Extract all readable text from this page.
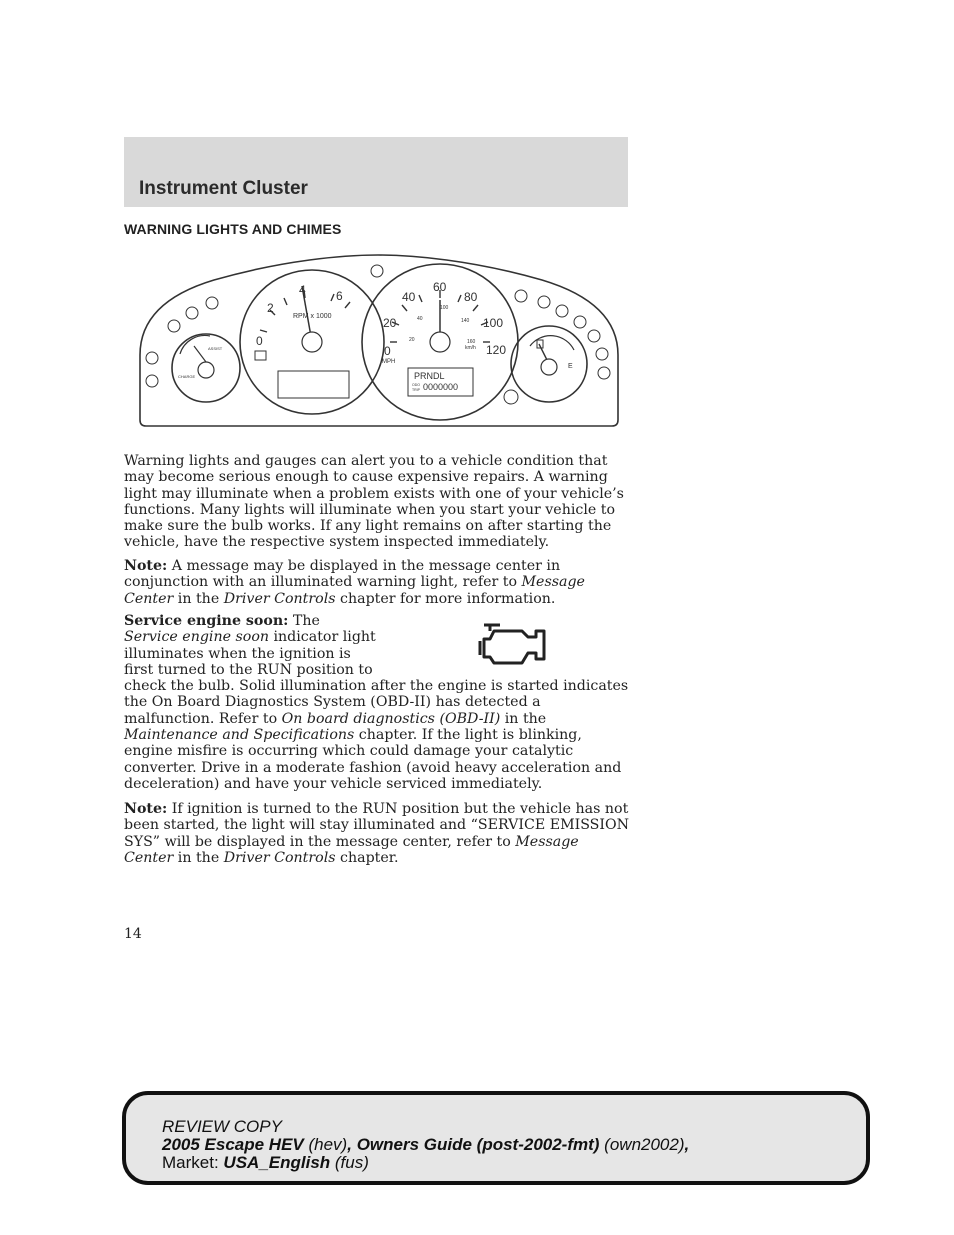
Instrument Cluster
WARNING LIGHTS AND CHIMES
CHARGE
ASSIST
0
2
4	6
RPM x 1000
0
20
40
60
80
100
120
MPH
20
40
100
140
160
km/h
PRNDL
0000000
ODO
TRIP
E

Warning lights and gauges can alert you to a vehicle condition that may become serious enough to cause expensive repairs. A warning light may illuminate when a problem exists with one of your vehicle’s functions. Many lights will illuminate when you start your vehicle to make sure the bulb works. If any light remains on after starting the vehicle, have the respective system inspected immediately.

Note: A message may be displayed in the message center in conjunction with an illuminated warning light, refer to Message Center in the Driver Controls chapter for more information.

Service engine soon: The Service engine soon indicator light illuminates when the ignition is first turned to the RUN position to check the bulb. Solid illumination after the engine is started indicates the On Board Diagnostics System (OBD-II) has detected a malfunction. Refer to On board diagnostics (OBD-II) in the Maintenance and Specifications chapter. If the light is blinking, engine misfire is occurring which could damage your catalytic converter. Drive in a moderate fashion (avoid heavy acceleration and deceleration) and have your vehicle serviced immediately.

Note: If ignition is turned to the RUN position but the vehicle has not been started, the light will stay illuminated and “SERVICE EMISSION SYS” will be displayed in the message center, refer to Message Center in the Driver Controls chapter.

14

REVIEW COPY
2005 Escape HEV (hev), Owners Guide (post-2002-fmt) (own2002),
Market: USA_English (fus)
